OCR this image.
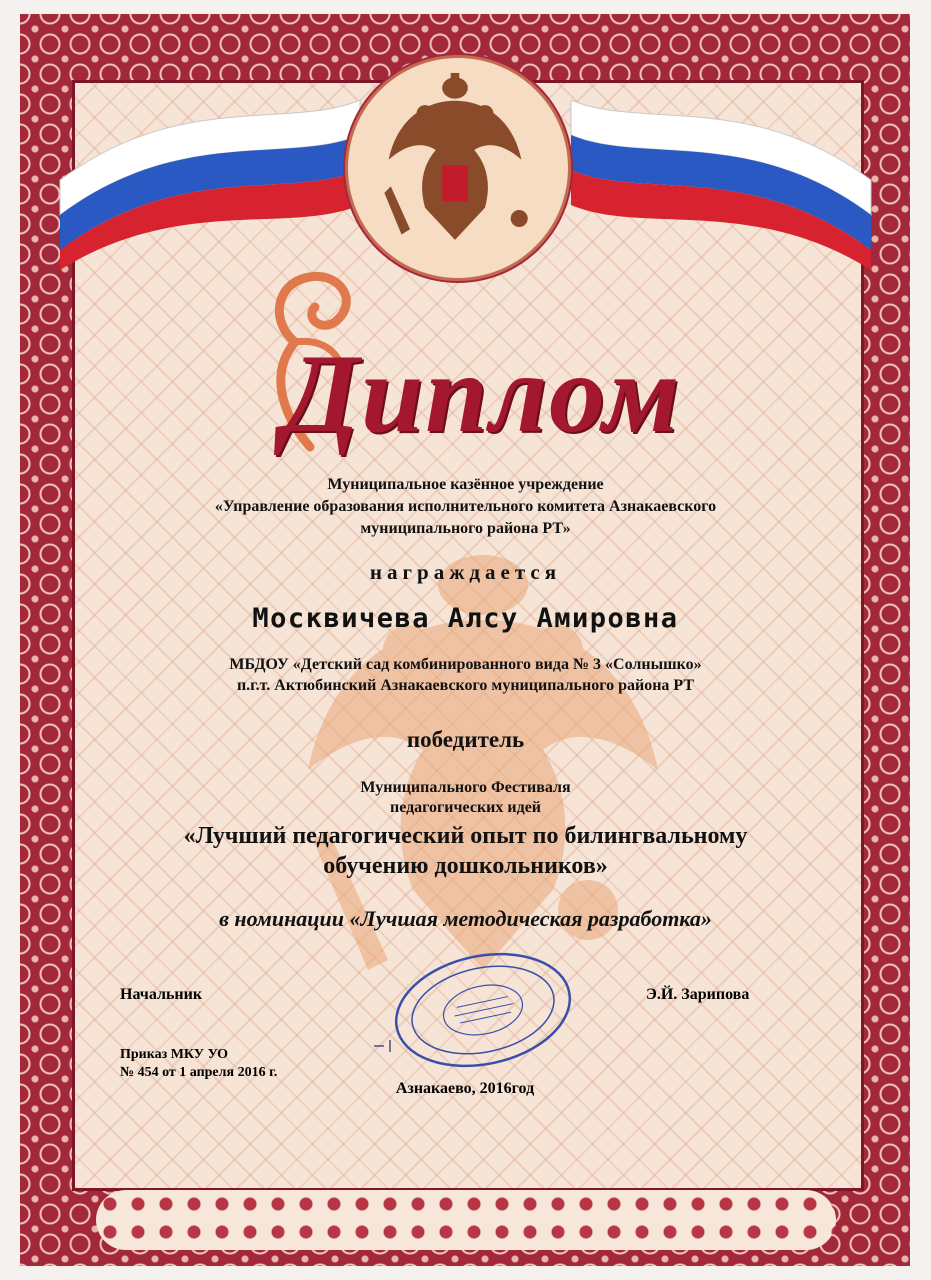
Диплом
Муниципальное казённое учреждение
«Управление образования исполнительного комитета Азнакаевского
муниципального района РТ»
награждается
Москвичева Алсу Амировна
МБДОУ «Детский сад комбинированного вида № 3 «Солнышко»
п.г.т. Актюбинский Азнакаевского муниципального района РТ
победитель
Муниципального Фестиваля
педагогических идей
«Лучший педагогический опыт по билингвальному
обучению дошкольников»
в номинации «Лучшая методическая разработка»
Начальник	Э.Й. Зарипова
Приказ МКУ УО
№ 454 от 1 апреля 2016 г.
Азнакаево, 2016год
